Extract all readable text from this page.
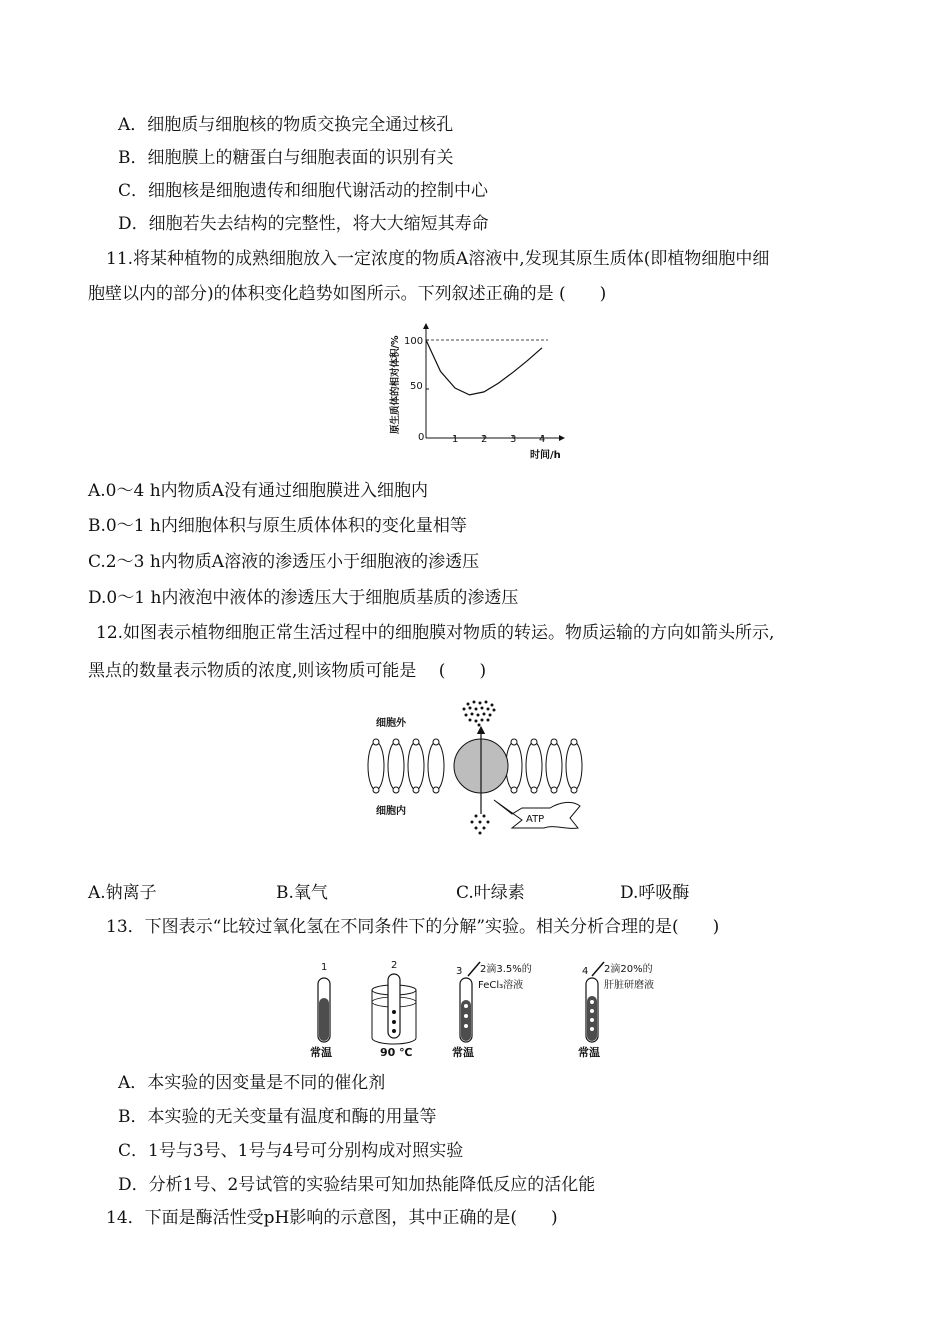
A．细胞质与细胞核的物质交换完全通过核孔
B．细胞膜上的糖蛋白与细胞表面的识别有关
C．细胞核是细胞遗传和细胞代谢活动的控制中心
D．细胞若失去结构的完整性，将大大缩短其寿命
11.将某种植物的成熟细胞放入一定浓度的物质A溶液中,发现其原生质体(即植物细胞中细
胞壁以内的部分)的体积变化趋势如图所示。下列叙述正确的是 (　　)
100
50
0	1 2 3 4
时间/h
原生质体的相对体积/%
A.0～4 h内物质A没有通过细胞膜进入细胞内
B.0～1 h内细胞体积与原生质体体积的变化量相等
C.2～3 h内物质A溶液的渗透压小于细胞液的渗透压
D.0～1 h内液泡中液体的渗透压大于细胞质基质的渗透压
12.如图表示植物细胞正常生活过程中的细胞膜对物质的转运。物质运输的方向如箭头所示,
黑点的数量表示物质的浓度,则该物质可能是　 (　　)
细胞外
细胞内
ATP
A.钠离子	B.氧气	C.叶绿素	D.呼吸酶
13．下图表示“比较过氧化氢在不同条件下的分解”实验。相关分析合理的是(　　)
1
常温
2
90 ℃
3 2滴3.5%的
FeCl₃溶液
常温
4 2滴20%的
肝脏研磨液
常温
A．本实验的因变量是不同的催化剂
B．本实验的无关变量有温度和酶的用量等
C．1号与3号、1号与4号可分别构成对照实验
D．分析1号、2号试管的实验结果可知加热能降低反应的活化能
14．下面是酶活性受pH影响的示意图，其中正确的是(　　)
